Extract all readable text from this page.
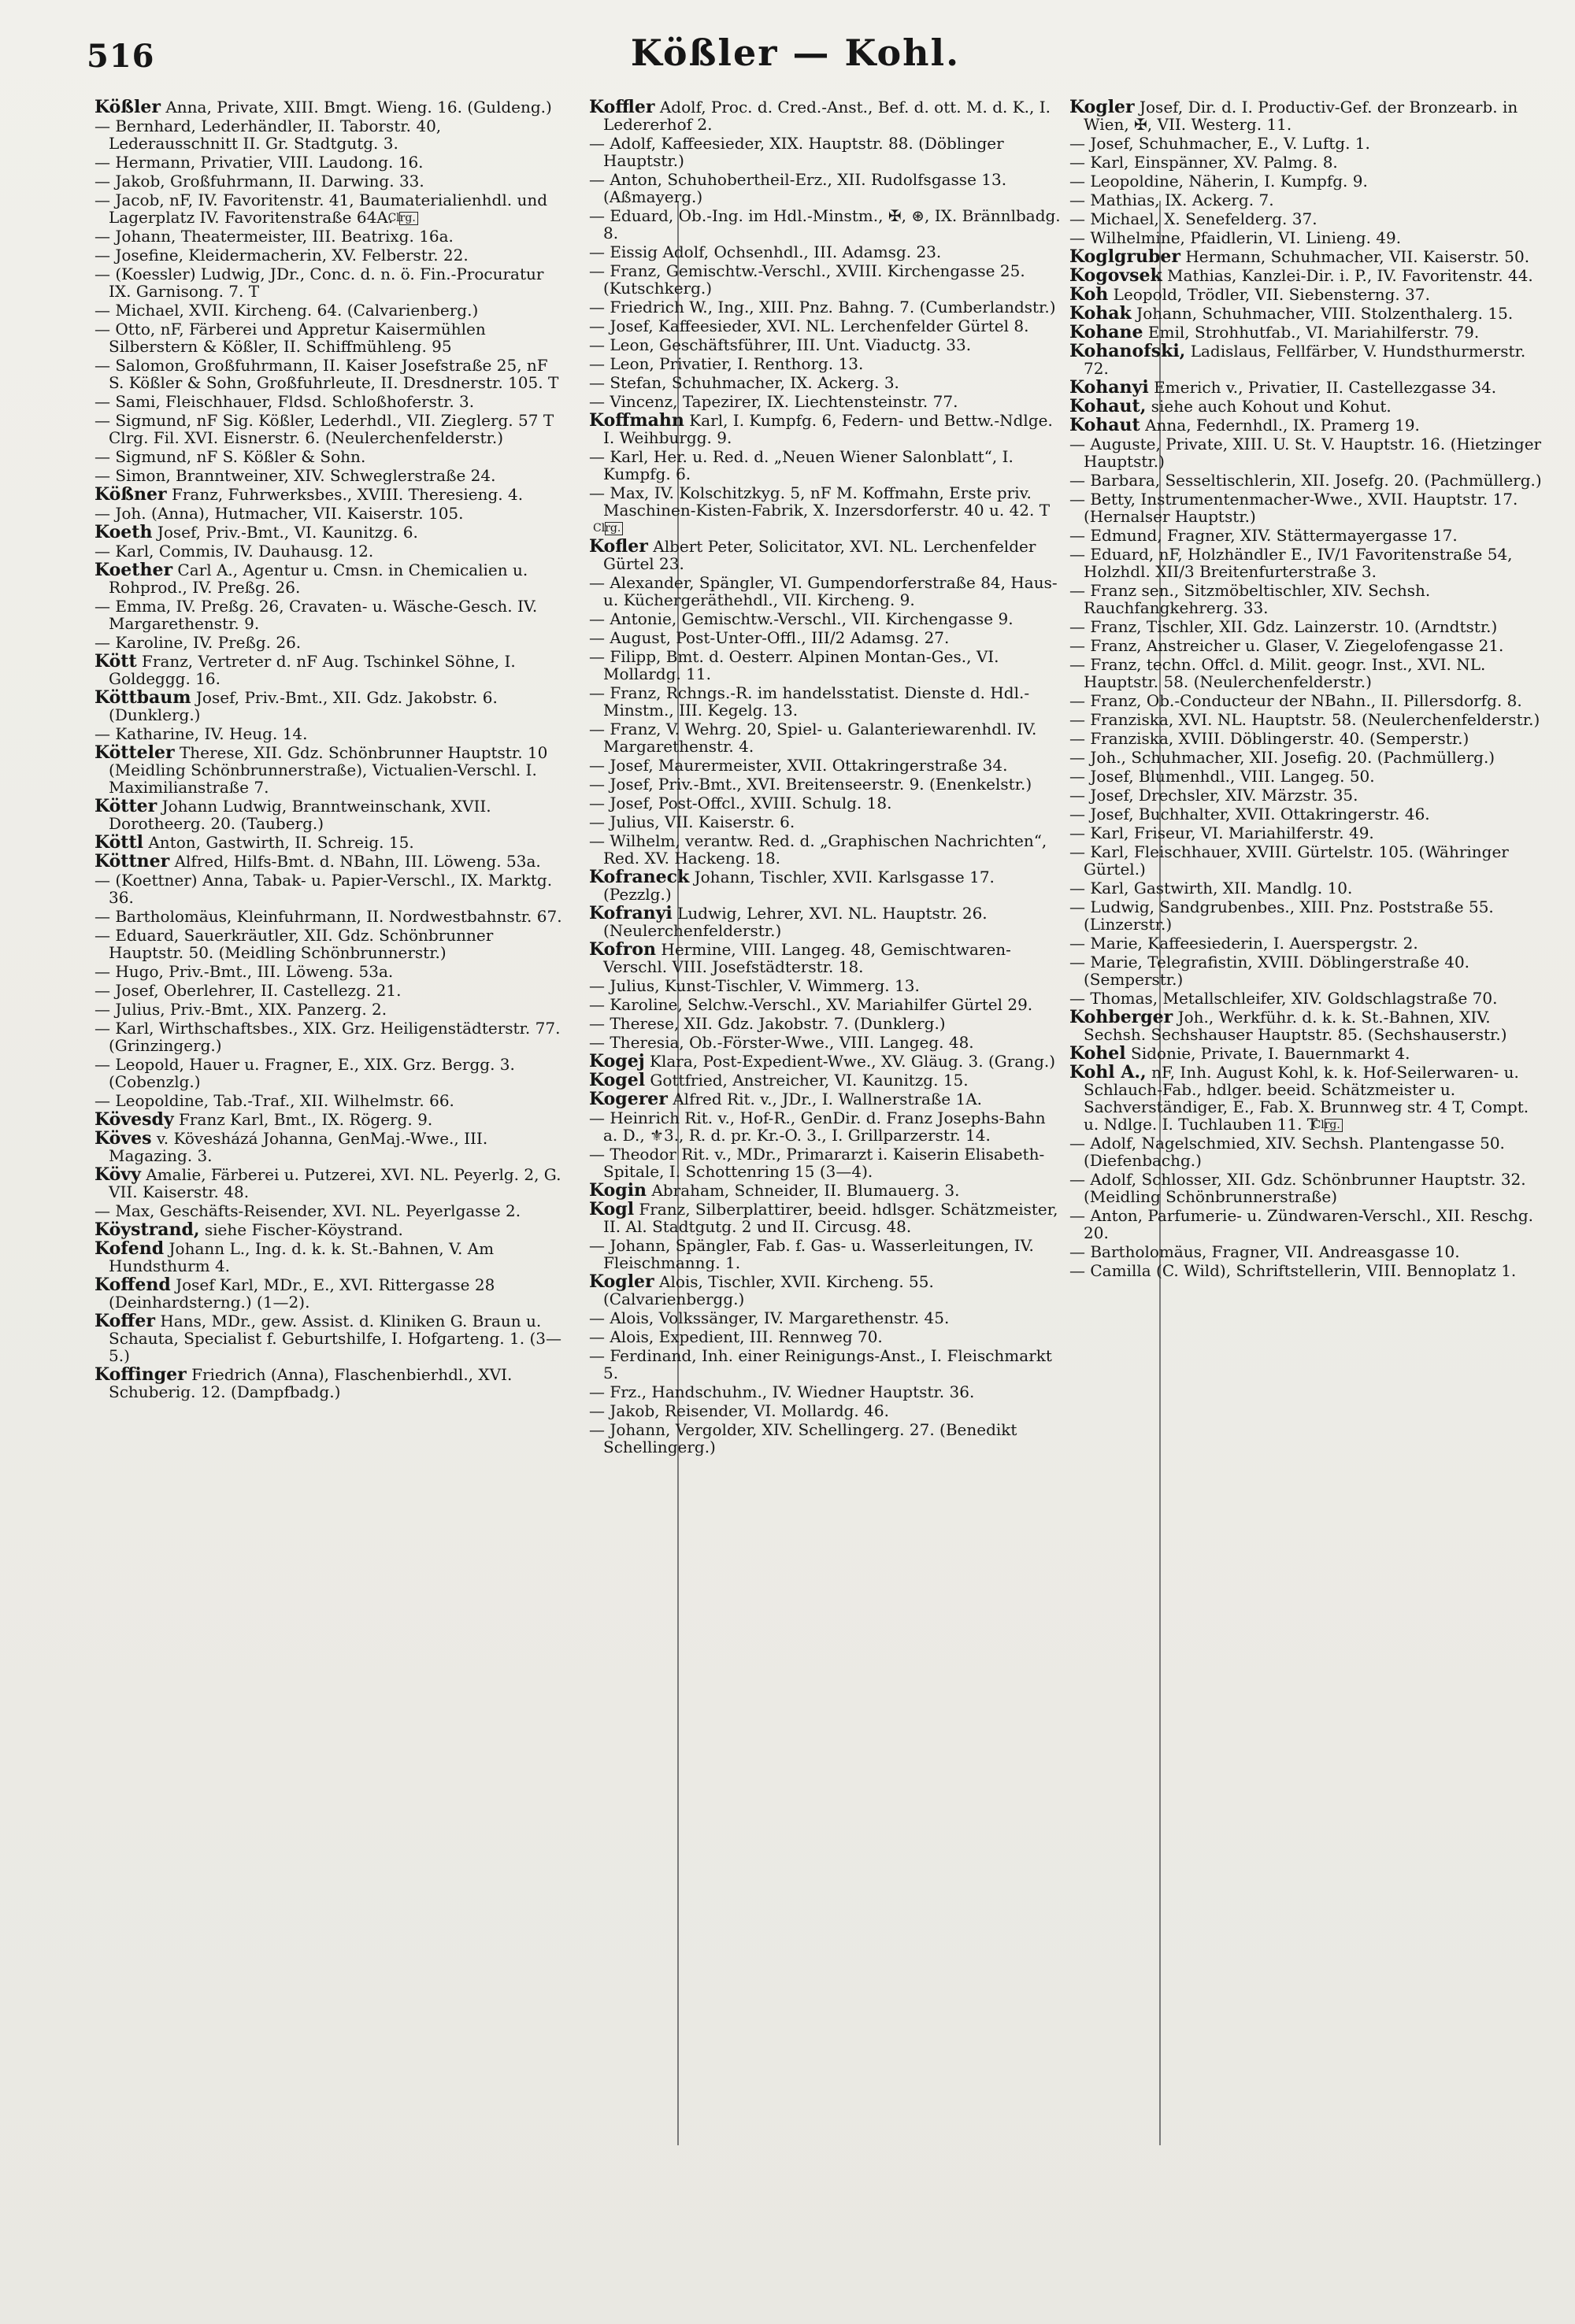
516	Kößler — Kohl.
Kößler Anna, Private, XIII. Bmgt. Wieng. 16. (Guldeng.)
— Bernhard, Lederhändler, II. Taborstr. 40, Lederausschnitt II. Gr. Stadtgutg. 3.
— Hermann, Privatier, VIII. Laudong. 16.
— Jakob, Großfuhrmann, II. Darwing. 33.
— Jacob, nF, IV. Favoritenstr. 41, Baumaterialienhdl. und Lagerplatz IV. Favoritenstraße 64A. Clrg.
— Johann, Theatermeister, III. Beatrixg. 16a.
— Josefine, Kleidermacherin, XV. Felberstr. 22.
— (Koessler) Ludwig, JDr., Conc. d. n. ö. Fin.-Procuratur IX. Garnisong. 7. T
— Michael, XVII. Kircheng. 64. (Calvarienberg.)
— Otto, nF, Färberei und Appretur Kaisermühlen Silberstern & Kößler, II. Schiffmühleng. 95
— Salomon, Großfuhrmann, II. Kaiser Josefstraße 25, nF S. Kößler & Sohn, Großfuhrleute, II. Dresdnerstr. 105. T
— Sami, Fleischhauer, Fldsd. Schloßhoferstr. 3.
— Sigmund, nF Sig. Kößler, Lederhdl., VII. Zieglerg. 57 T Clrg. Fil. XVI. Eisnerstr. 6. (Neulerchenfelderstr.)
— Sigmund, nF S. Kößler & Sohn.
— Simon, Branntweiner, XIV. Schweglerstraße 24.
Kößner Franz, Fuhrwerksbes., XVIII. Theresieng. 4.
— Joh. (Anna), Hutmacher, VII. Kaiserstr. 105.
Koeth Josef, Priv.-Bmt., VI. Kaunitzg. 6.
— Karl, Commis, IV. Dauhausg. 12.
Koether Carl A., Agentur u. Cmsn. in Chemicalien u. Rohprod., IV. Preßg. 26.
— Emma, IV. Preßg. 26, Cravaten- u. Wäsche-Gesch. IV. Margarethenstr. 9.
— Karoline, IV. Preßg. 26.
Kött Franz, Vertreter d. nF Aug. Tschinkel Söhne, I. Goldeggg. 16.
Köttbaum Josef, Priv.-Bmt., XII. Gdz. Jakobstr. 6. (Dunklerg.)
— Katharine, IV. Heug. 14.
Kötteler Therese, XII. Gdz. Schönbrunner Hauptstr. 10 (Meidling Schönbrunnerstraße), Victualien-Verschl. I. Maximilianstraße 7.
Kötter Johann Ludwig, Branntweinschank, XVII. Dorotheerg. 20. (Tauberg.)
Köttl Anton, Gastwirth, II. Schreig. 15.
Köttner Alfred, Hilfs-Bmt. d. NBahn, III. Löweng. 53a.
— (Koettner) Anna, Tabak- u. Papier-Verschl., IX. Marktg. 36.
— Bartholomäus, Kleinfuhrmann, II. Nordwestbahnstr. 67.
— Eduard, Sauerkräutler, XII. Gdz. Schönbrunner Hauptstr. 50. (Meidling Schönbrunnerstr.)
— Hugo, Priv.-Bmt., III. Löweng. 53a.
— Josef, Oberlehrer, II. Castellezg. 21.
— Julius, Priv.-Bmt., XIX. Panzerg. 2.
— Karl, Wirthschaftsbes., XIX. Grz. Heiligenstädterstr. 77. (Grinzingerg.)
— Leopold, Hauer u. Fragner, E., XIX. Grz. Bergg. 3. (Cobenzlg.)
— Leopoldine, Tab.-Traf., XII. Wilhelmstr. 66.
Kövesdy Franz Karl, Bmt., IX. Rögerg. 9.
Köves v. Kövesházá Johanna, GenMaj.-Wwe., III. Magazing. 3.
Kövy Amalie, Färberei u. Putzerei, XVI. NL. Peyerlg. 2, G. VII. Kaiserstr. 48.
— Max, Geschäfts-Reisender, XVI. NL. Peyerlgasse 2.
Köystrand, siehe Fischer-Köystrand.
Kofend Johann L., Ing. d. k. k. St.-Bahnen, V. Am Hundsthurm 4.
Koffend Josef Karl, MDr., E., XVI. Rittergasse 28 (Deinhardsterng.) (1—2).
Koffer Hans, MDr., gew. Assist. d. Kliniken G. Braun u. Schauta, Specialist f. Geburtshilfe, I. Hofgarteng. 1. (3—5.)
Koffinger Friedrich (Anna), Flaschenbierhdl., XVI. Schuberig. 12. (Dampfbadg.)
Koffler Adolf, Proc. d. Cred.-Anst., Bef. d. ott. M. d. K., I. Ledererhof 2.
— Adolf, Kaffeesieder, XIX. Hauptstr. 88. (Döblinger Hauptstr.)
— Anton, Schuhobertheil-Erz., XII. Rudolfsgasse 13. (Aßmayerg.)
— Eduard, Ob.-Ing. im Hdl.-Minstm., ✠, ⊛, IX. Brännlbadg. 8.
— Eissig Adolf, Ochsenhdl., III. Adamsg. 23.
— Franz, Gemischtw.-Verschl., XVIII. Kirchengasse 25. (Kutschkerg.)
— Friedrich W., Ing., XIII. Pnz. Bahng. 7. (Cumberlandstr.)
— Josef, Kaffeesieder, XVI. NL. Lerchenfelder Gürtel 8.
— Leon, Geschäftsführer, III. Unt. Viaductg. 33.
— Leon, Privatier, I. Renthorg. 13.
— Stefan, Schuhmacher, IX. Ackerg. 3.
— Vincenz, Tapezirer, IX. Liechtensteinstr. 77.
Koffmahn Karl, I. Kumpfg. 6, Federn- und Bettw.-Ndlge. I. Weihburgg. 9.
— Karl, Her. u. Red. d. „Neuen Wiener Salonblatt“, I. Kumpfg. 6.
— Max, IV. Kolschitzkyg. 5, nF M. Koffmahn, Erste priv. Maschinen-Kisten-Fabrik, X. Inzersdorferstr. 40 u. 42. T Clrg.
Kofler Albert Peter, Solicitator, XVI. NL. Lerchenfelder Gürtel 23.
— Alexander, Spängler, VI. Gumpendorferstraße 84, Haus- u. Küchergeräthehdl., VII. Kircheng. 9.
— Antonie, Gemischtw.-Verschl., VII. Kirchengasse 9.
— August, Post-Unter-Offl., III/2 Adamsg. 27.
— Filipp, Bmt. d. Oesterr. Alpinen Montan-Ges., VI. Mollardg. 11.
— Franz, Rchngs.-R. im handelsstatist. Dienste d. Hdl.-Minstm., III. Kegelg. 13.
— Franz, V. Wehrg. 20, Spiel- u. Galanteriewarenhdl. IV. Margarethenstr. 4.
— Josef, Maurermeister, XVII. Ottakringerstraße 34.
— Josef, Priv.-Bmt., XVI. Breitenseerstr. 9. (Enenkelstr.)
— Josef, Post-Offcl., XVIII. Schulg. 18.
— Julius, VII. Kaiserstr. 6.
— Wilhelm, verantw. Red. d. „Graphischen Nachrichten“, Red. XV. Hackeng. 18.
Kofraneck Johann, Tischler, XVII. Karlsgasse 17. (Pezzlg.)
Kofranyi Ludwig, Lehrer, XVI. NL. Hauptstr. 26. (Neulerchenfelderstr.)
Kofron Hermine, VIII. Langeg. 48, Gemischtwaren-Verschl. VIII. Josefstädterstr. 18.
— Julius, Kunst-Tischler, V. Wimmerg. 13.
— Karoline, Selchw.-Verschl., XV. Mariahilfer Gürtel 29.
— Therese, XII. Gdz. Jakobstr. 7. (Dunklerg.)
— Theresia, Ob.-Förster-Wwe., VIII. Langeg. 48.
Kogej Klara, Post-Expedient-Wwe., XV. Gläug. 3. (Grang.)
Kogel Gottfried, Anstreicher, VI. Kaunitzg. 15.
Kogerer Alfred Rit. v., JDr., I. Wallnerstraße 1A.
— Heinrich Rit. v., Hof-R., GenDir. d. Franz Josephs-Bahn a. D., ⚜3., R. d. pr. Kr.-O. 3., I. Grillparzerstr. 14.
— Theodor Rit. v., MDr., Primararzt i. Kaiserin Elisabeth-Spitale, I. Schottenring 15 (3—4).
Kogin Abraham, Schneider, II. Blumauerg. 3.
Kogl Franz, Silberplattirer, beeid. hdlsger. Schätzmeister, II. Al. Stadtgutg. 2 und II. Circusg. 48.
— Johann, Spängler, Fab. f. Gas- u. Wasserleitungen, IV. Fleischmanng. 1.
Kogler Alois, Tischler, XVII. Kircheng. 55. (Calvarienbergg.)
— Alois, Volkssänger, IV. Margarethenstr. 45.
— Alois, Expedient, III. Rennweg 70.
— Ferdinand, Inh. einer Reinigungs-Anst., I. Fleischmarkt 5.
— Frz., Handschuhm., IV. Wiedner Hauptstr. 36.
— Jakob, Reisender, VI. Mollardg. 46.
— Johann, Vergolder, XIV. Schellingerg. 27. (Benedikt Schellingerg.)
Kogler Josef, Dir. d. I. Productiv-Gef. der Bronzearb. in Wien, ✠, VII. Westerg. 11.
— Josef, Schuhmacher, E., V. Luftg. 1.
— Karl, Einspänner, XV. Palmg. 8.
— Leopoldine, Näherin, I. Kumpfg. 9.
— Mathias, IX. Ackerg. 7.
— Michael, X. Senefelderg. 37.
— Wilhelmine, Pfaidlerin, VI. Linieng. 49.
Koglgruber Hermann, Schuhmacher, VII. Kaiserstr. 50.
Kogovsek Mathias, Kanzlei-Dir. i. P., IV. Favoritenstr. 44.
Koh Leopold, Trödler, VII. Siebensterng. 37.
Kohak Johann, Schuhmacher, VIII. Stolzenthalerg. 15.
Kohane Emil, Strohhutfab., VI. Mariahilferstr. 79.
Kohanofski, Ladislaus, Fellfärber, V. Hundsthurmerstr. 72.
Kohanyi Emerich v., Privatier, II. Castellezgasse 34.
Kohaut, siehe auch Kohout und Kohut.
Kohaut Anna, Federnhdl., IX. Pramerg 19.
— Auguste, Private, XIII. U. St. V. Hauptstr. 16. (Hietzinger Hauptstr.)
— Barbara, Sesseltischlerin, XII. Josefg. 20. (Pachmüllerg.)
— Betty, Instrumentenmacher-Wwe., XVII. Hauptstr. 17. (Hernalser Hauptstr.)
— Edmund, Fragner, XIV. Stättermayergasse 17.
— Eduard, nF, Holzhändler E., IV/1 Favoritenstraße 54, Holzhdl. XII/3 Breitenfurterstraße 3.
— Franz sen., Sitzmöbeltischler, XIV. Sechsh. Rauchfangkehrerg. 33.
— Franz, Tischler, XII. Gdz. Lainzerstr. 10. (Arndtstr.)
— Franz, Anstreicher u. Glaser, V. Ziegelofengasse 21.
— Franz, techn. Offcl. d. Milit. geogr. Inst., XVI. NL. Hauptstr. 58. (Neulerchenfelderstr.)
— Franz, Ob.-Conducteur der NBahn., II. Pillersdorfg. 8.
— Franziska, XVI. NL. Hauptstr. 58. (Neulerchenfelderstr.)
— Franziska, XVIII. Döblingerstr. 40. (Semperstr.)
— Joh., Schuhmacher, XII. Josefig. 20. (Pachmüllerg.)
— Josef, Blumenhdl., VIII. Langeg. 50.
— Josef, Drechsler, XIV. Märzstr. 35.
— Josef, Buchhalter, XVII. Ottakringerstr. 46.
— Karl, Friseur, VI. Mariahilferstr. 49.
— Karl, Fleischhauer, XVIII. Gürtelstr. 105. (Währinger Gürtel.)
— Karl, Gastwirth, XII. Mandlg. 10.
— Ludwig, Sandgrubenbes., XIII. Pnz. Poststraße 55. (Linzerstr.)
— Marie, Kaffeesiederin, I. Auerspergstr. 2.
— Marie, Telegrafistin, XVIII. Döblingerstraße 40. (Semperstr.)
— Thomas, Metallschleifer, XIV. Goldschlagstraße 70.
Kohberger Joh., Werkführ. d. k. k. St.-Bahnen, XIV. Sechsh. Sechshauser Hauptstr. 85. (Sechshauserstr.)
Kohel Sidonie, Private, I. Bauernmarkt 4.
Kohl A., nF, Inh. August Kohl, k. k. Hof-Seilerwaren- u. Schlauch-Fab., hdlger. beeid. Schätzmeister u. Sachverständiger, E., Fab. X. Brunnweg str. 4 T, Compt. u. Ndlge. I. Tuchlauben 11. T Clrg.
— Adolf, Nagelschmied, XIV. Sechsh. Plantengasse 50. (Diefenbachg.)
— Adolf, Schlosser, XII. Gdz. Schönbrunner Hauptstr. 32. (Meidling Schönbrunnerstraße)
— Anton, Parfumerie- u. Zündwaren-Verschl., XII. Reschg. 20.
— Bartholomäus, Fragner, VII. Andreasgasse 10.
— Camilla (C. Wild), Schriftstellerin, VIII. Bennoplatz 1.
